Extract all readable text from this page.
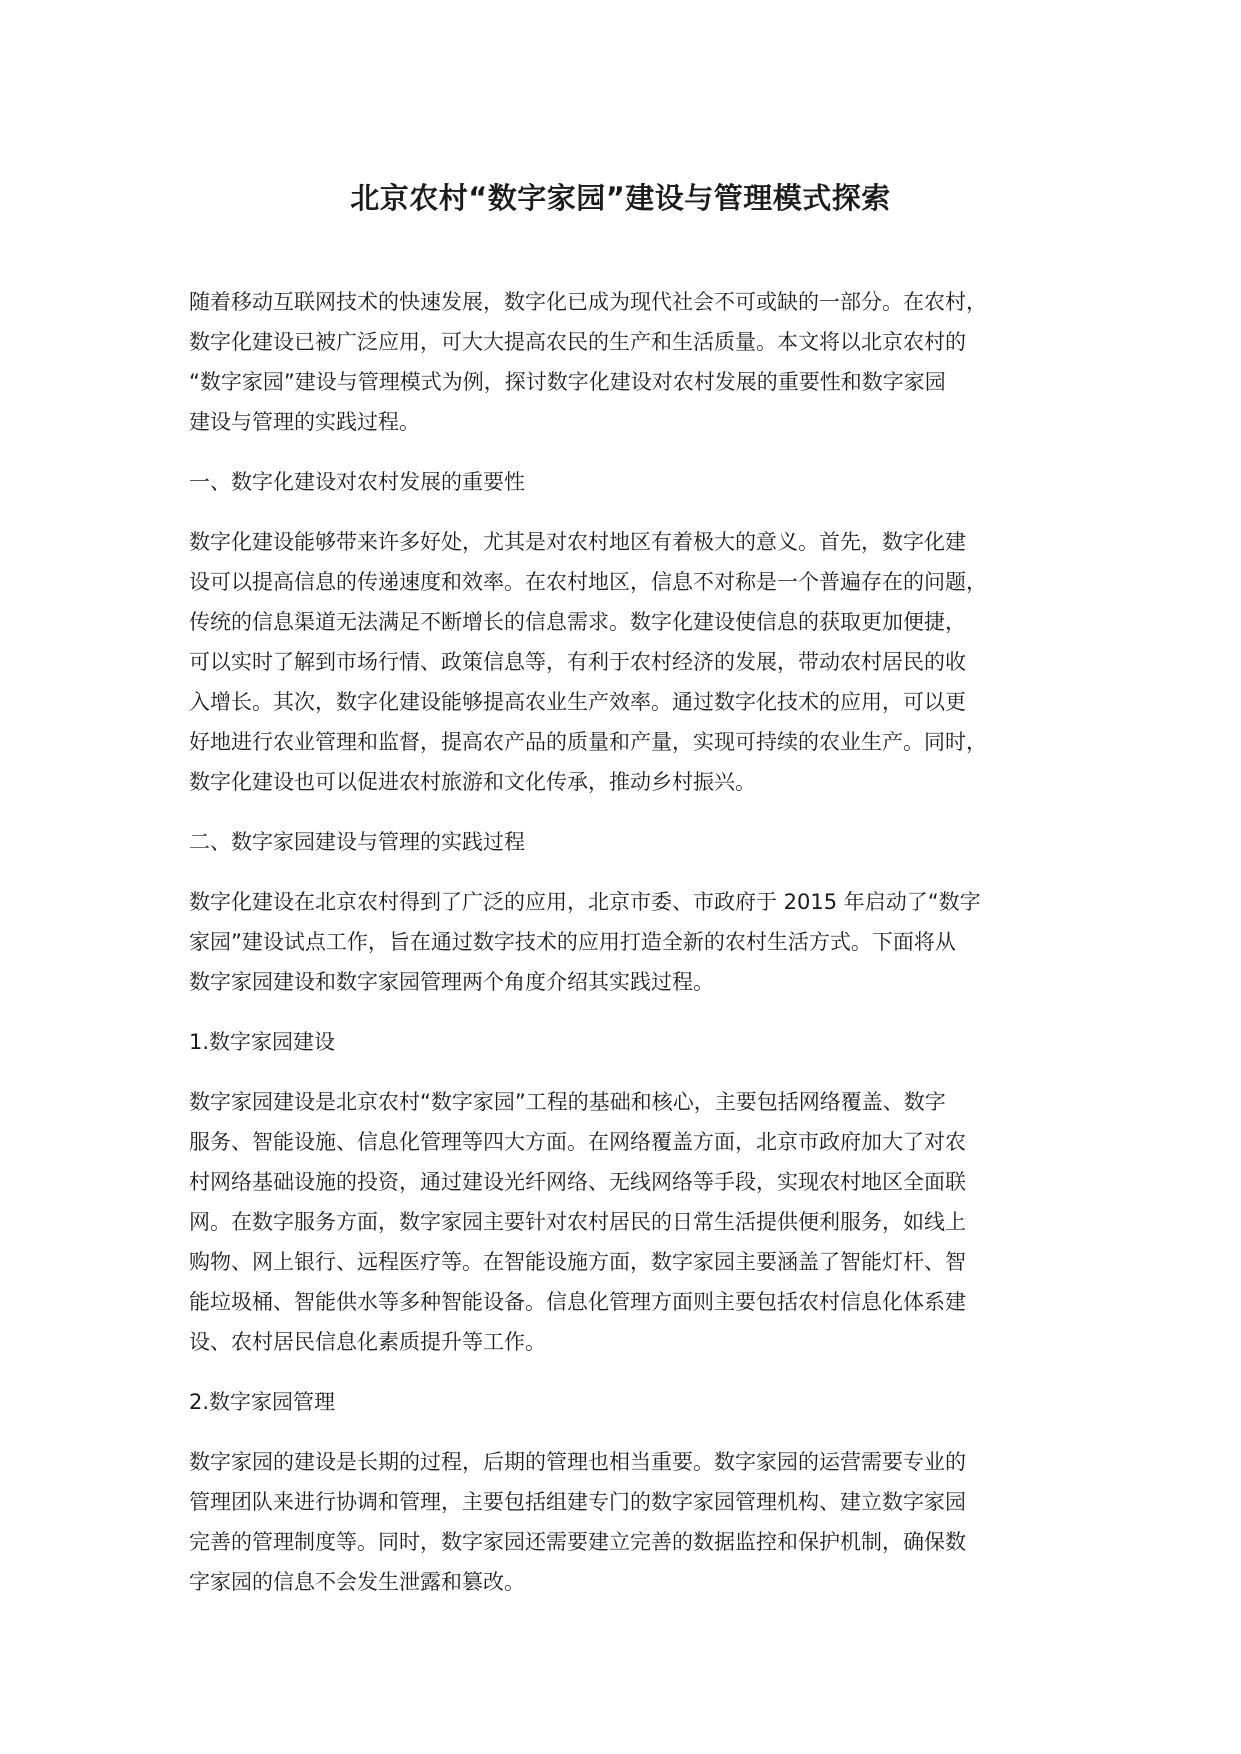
北京农村“数字家园”建设与管理模式探索
随着移动互联网技术的快速发展，数字化已成为现代社会不可或缺的一部分。在农村，
数字化建设已被广泛应用，可大大提高农民的生产和生活质量。本文将以北京农村的
“数字家园”建设与管理模式为例，探讨数字化建设对农村发展的重要性和数字家园
建设与管理的实践过程。
一、数字化建设对农村发展的重要性
数字化建设能够带来许多好处，尤其是对农村地区有着极大的意义。首先，数字化建
设可以提高信息的传递速度和效率。在农村地区，信息不对称是一个普遍存在的问题，
传统的信息渠道无法满足不断增长的信息需求。数字化建设使信息的获取更加便捷，
可以实时了解到市场行情、政策信息等，有利于农村经济的发展，带动农村居民的收
入增长。其次，数字化建设能够提高农业生产效率。通过数字化技术的应用，可以更
好地进行农业管理和监督，提高农产品的质量和产量，实现可持续的农业生产。同时，
数字化建设也可以促进农村旅游和文化传承，推动乡村振兴。
二、数字家园建设与管理的实践过程
数字化建设在北京农村得到了广泛的应用，北京市委、市政府于 2015 年启动了“数字
家园”建设试点工作，旨在通过数字技术的应用打造全新的农村生活方式。下面将从
数字家园建设和数字家园管理两个角度介绍其实践过程。
1.数字家园建设
数字家园建设是北京农村“数字家园”工程的基础和核心，主要包括网络覆盖、数字
服务、智能设施、信息化管理等四大方面。在网络覆盖方面，北京市政府加大了对农
村网络基础设施的投资，通过建设光纤网络、无线网络等手段，实现农村地区全面联
网。在数字服务方面，数字家园主要针对农村居民的日常生活提供便利服务，如线上
购物、网上银行、远程医疗等。在智能设施方面，数字家园主要涵盖了智能灯杆、智
能垃圾桶、智能供水等多种智能设备。信息化管理方面则主要包括农村信息化体系建
设、农村居民信息化素质提升等工作。
2.数字家园管理
数字家园的建设是长期的过程，后期的管理也相当重要。数字家园的运营需要专业的
管理团队来进行协调和管理，主要包括组建专门的数字家园管理机构、建立数字家园
完善的管理制度等。同时，数字家园还需要建立完善的数据监控和保护机制，确保数
字家园的信息不会发生泄露和篡改。
